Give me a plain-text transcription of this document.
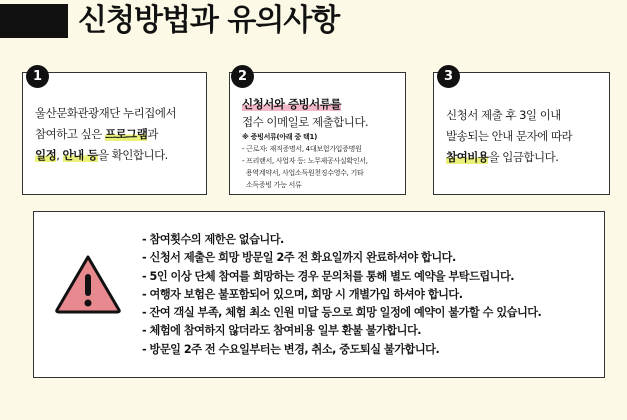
신청방법과 유의사항
1
울산문화관광재단 누리집에서
참여하고 싶은 프로그램과
일정, 안내 등을 확인합니다.
2
신청서와 증빙서류를
접수 이메일로 제출합니다.
※ 증빙서류(아래 중 택1)
- 근로자: 재직증명서, 4대보험가입증명원
- 프리랜서, 사업자 등: 노무제공사실확인서,
용역계약서, 사업소득원천징수영수, 기타
소득증빙 가능 서류
3
신청서 제출 후 3일 이내
발송되는 안내 문자에 따라
참여비용을 입금합니다.
- 참여횟수의 제한은 없습니다.
- 신청서 제출은 희망 방문일 2주 전 화요일까지 완료하셔야 합니다.
- 5인 이상 단체 참여를 희망하는 경우 문의처를 통해 별도 예약을 부탁드립니다.
- 여행자 보험은 불포함되어 있으며, 희망 시 개별가입 하셔야 합니다.
- 잔여 객실 부족, 체험 최소 인원 미달 등으로 희망 일정에 예약이 불가할 수 있습니다.
- 체험에 참여하지 않더라도 참여비용 일부 환불 불가합니다.
- 방문일 2주 전 수요일부터는 변경, 취소, 중도퇴실 불가합니다.
